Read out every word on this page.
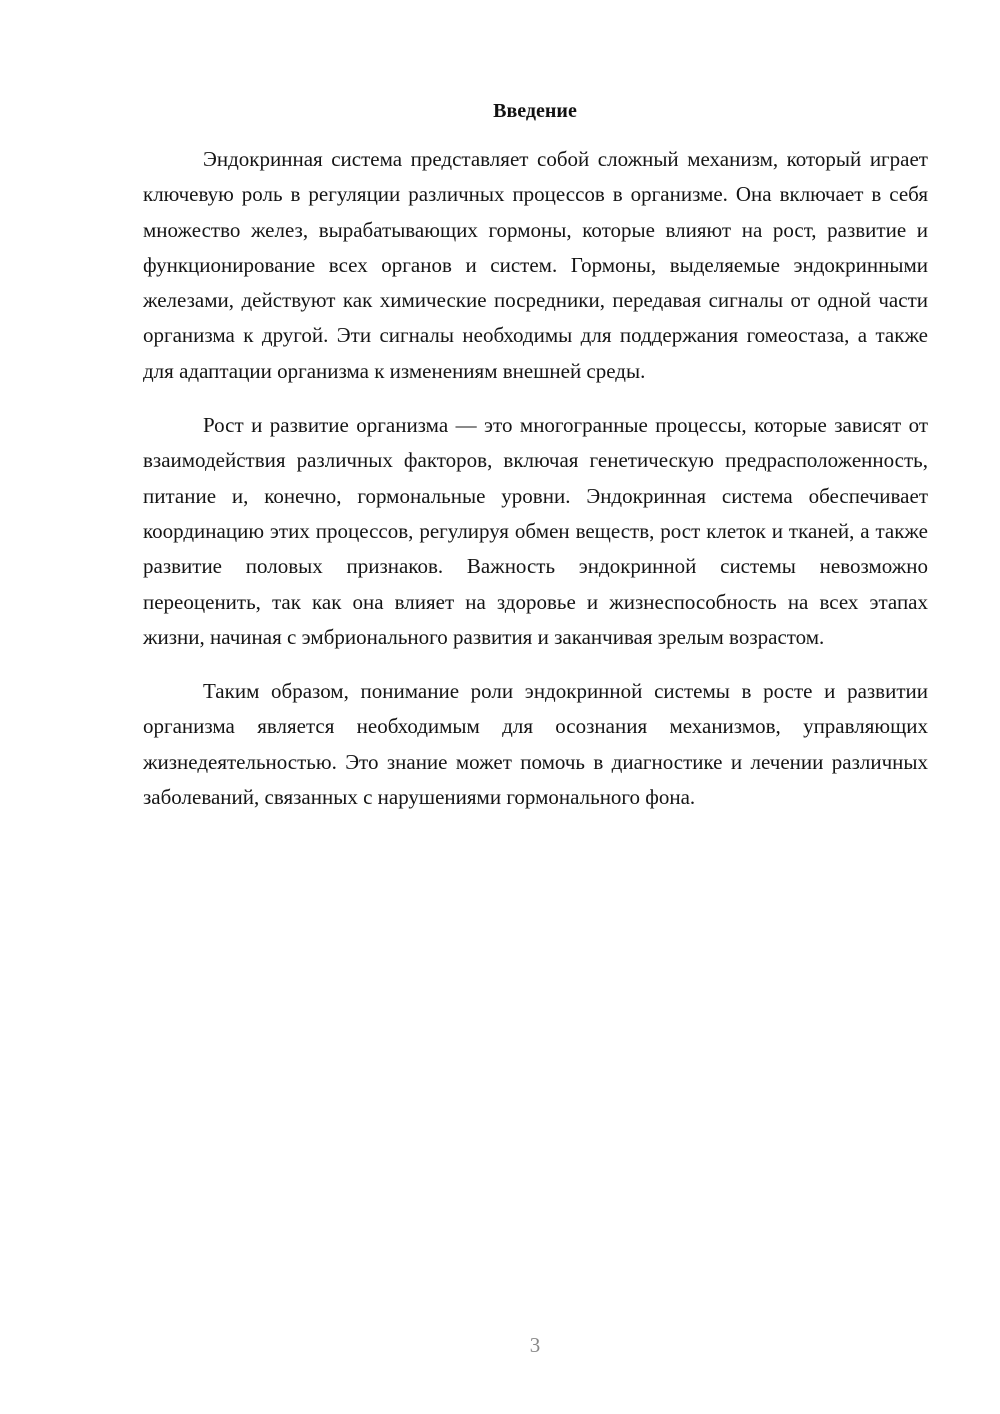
Введение

Эндокринная система представляет собой сложный механизм, который играет ключевую роль в регуляции различных процессов в организме. Она включает в себя множество желез, вырабатывающих гормоны, которые влияют на рост, развитие и функционирование всех органов и систем. Гормоны, выделяемые эндокринными железами, действуют как химические посредники, передавая сигналы от одной части организма к другой. Эти сигналы необходимы для поддержания гомеостаза, а также для адаптации организма к изменениям внешней среды.

Рост и развитие организма — это многогранные процессы, которые зависят от взаимодействия различных факторов, включая генетическую предрасположенность, питание и, конечно, гормональные уровни. Эндокринная система обеспечивает координацию этих процессов, регулируя обмен веществ, рост клеток и тканей, а также развитие половых признаков. Важность эндокринной системы невозможно переоценить, так как она влияет на здоровье и жизнеспособность на всех этапах жизни, начиная с эмбрионального развития и заканчивая зрелым возрастом.

Таким образом, понимание роли эндокринной системы в росте и развитии организма является необходимым для осознания механизмов, управляющих жизнедеятельностью. Это знание может помочь в диагностике и лечении различных заболеваний, связанных с нарушениями гормонального фона.

3
